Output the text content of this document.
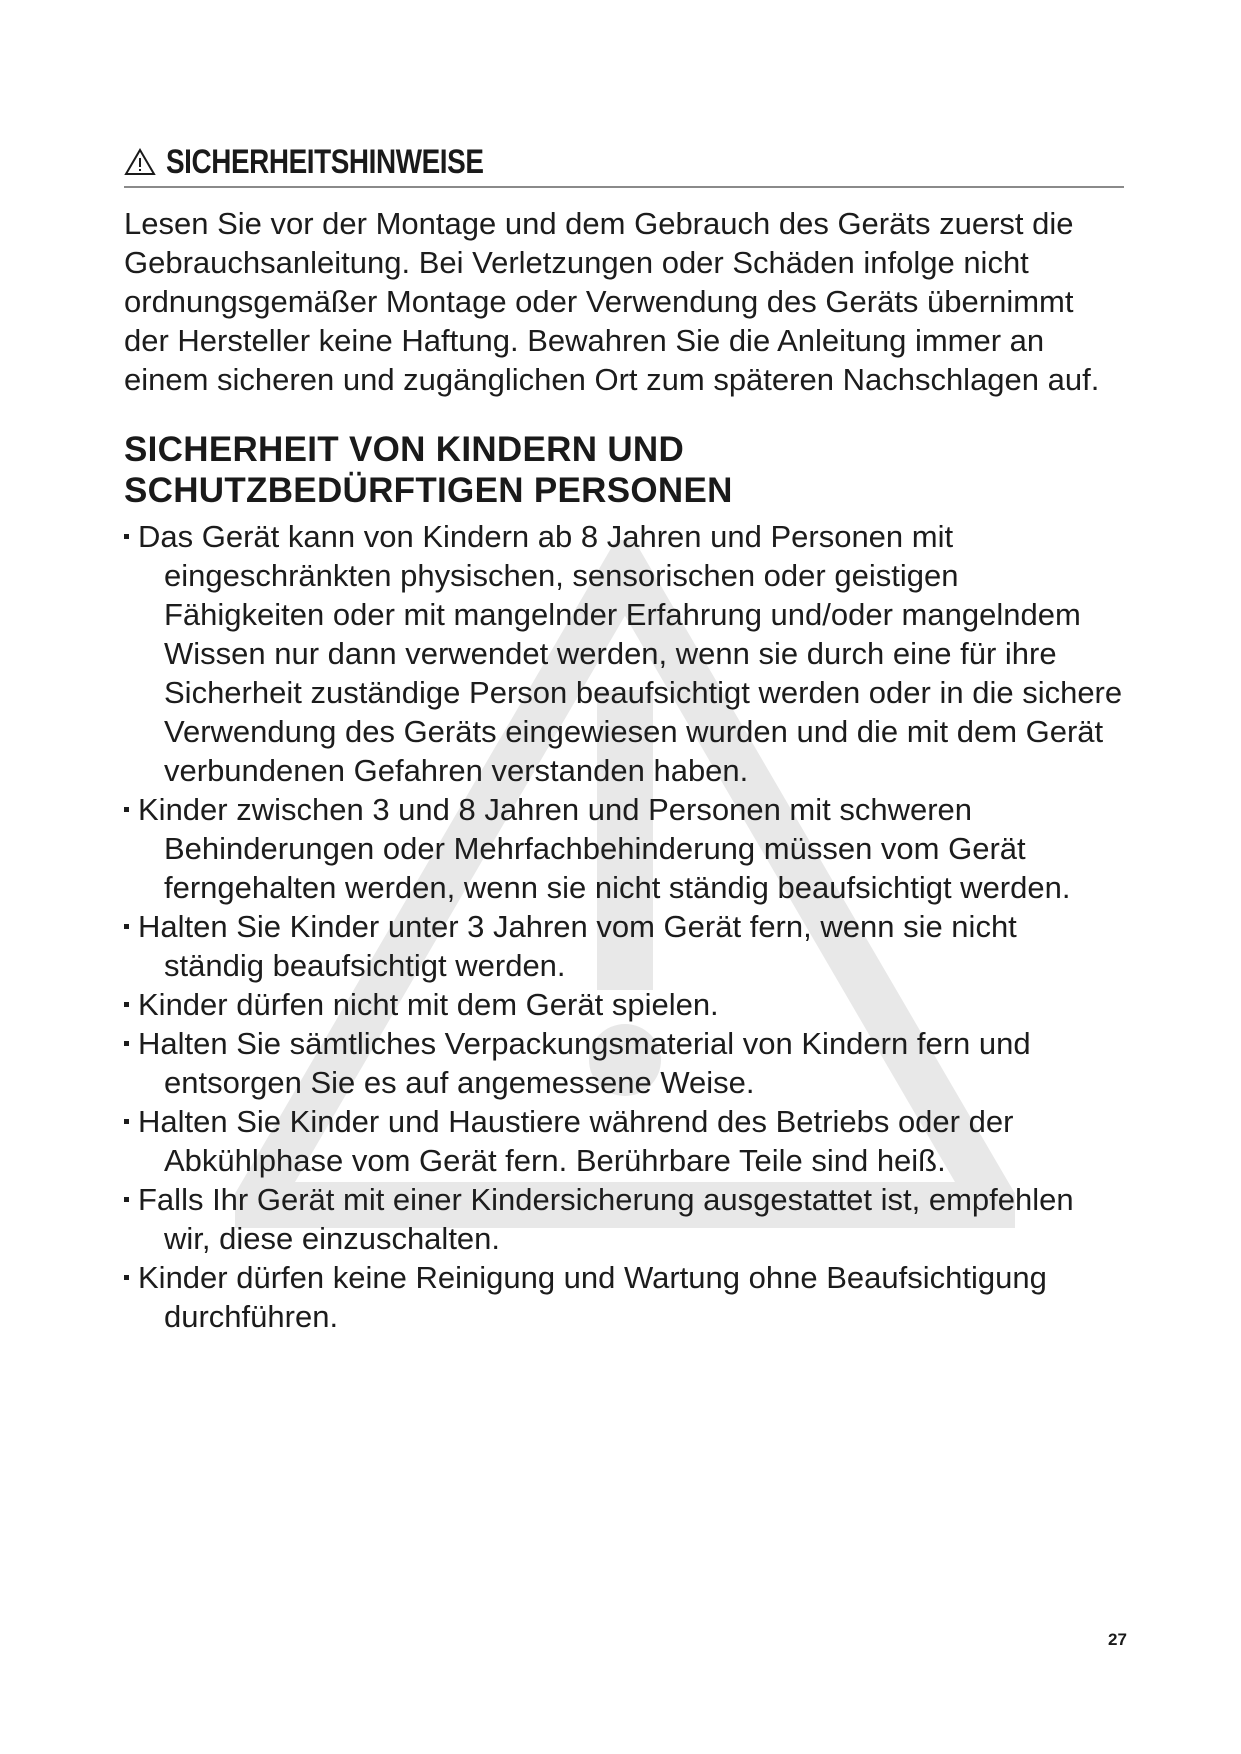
SICHERHEITSHINWEISE

Lesen Sie vor der Montage und dem Gebrauch des Geräts zuerst die Gebrauchsanleitung. Bei Verletzungen oder Schäden infolge nicht ordnungsgemäßer Montage oder Verwendung des Geräts übernimmt der Hersteller keine Haftung. Bewahren Sie die Anleitung immer an einem sicheren und zugänglichen Ort zum späteren Nachschlagen auf.

SICHERHEIT VON KINDERN UND
SCHUTZBEDÜRFTIGEN PERSONEN
Das Gerät kann von Kindern ab 8 Jahren und Personen mit eingeschränkten physischen, sensorischen oder geistigen Fähigkeiten oder mit mangelnder Erfahrung und/oder mangelndem Wissen nur dann verwendet werden, wenn sie durch eine für ihre Sicherheit zuständige Person beaufsichtigt werden oder in die sichere Verwendung des Geräts eingewiesen wurden und die mit dem Gerät verbundenen Gefahren verstanden haben.
Kinder zwischen 3 und 8 Jahren und Personen mit schweren Behinderungen oder Mehrfachbehinderung müssen vom Gerät ferngehalten werden, wenn sie nicht ständig beaufsichtigt werden.
Halten Sie Kinder unter 3 Jahren vom Gerät fern, wenn sie nicht ständig beaufsichtigt werden.
Kinder dürfen nicht mit dem Gerät spielen.
Halten Sie sämtliches Verpackungsmaterial von Kindern fern und entsorgen Sie es auf angemessene Weise.
Halten Sie Kinder und Haustiere während des Betriebs oder der Abkühlphase vom Gerät fern. Berührbare Teile sind heiß.
Falls Ihr Gerät mit einer Kindersicherung ausgestattet ist, empfehlen wir, diese einzuschalten.
Kinder dürfen keine Reinigung und Wartung ohne Beaufsichtigung durchführen.
27
